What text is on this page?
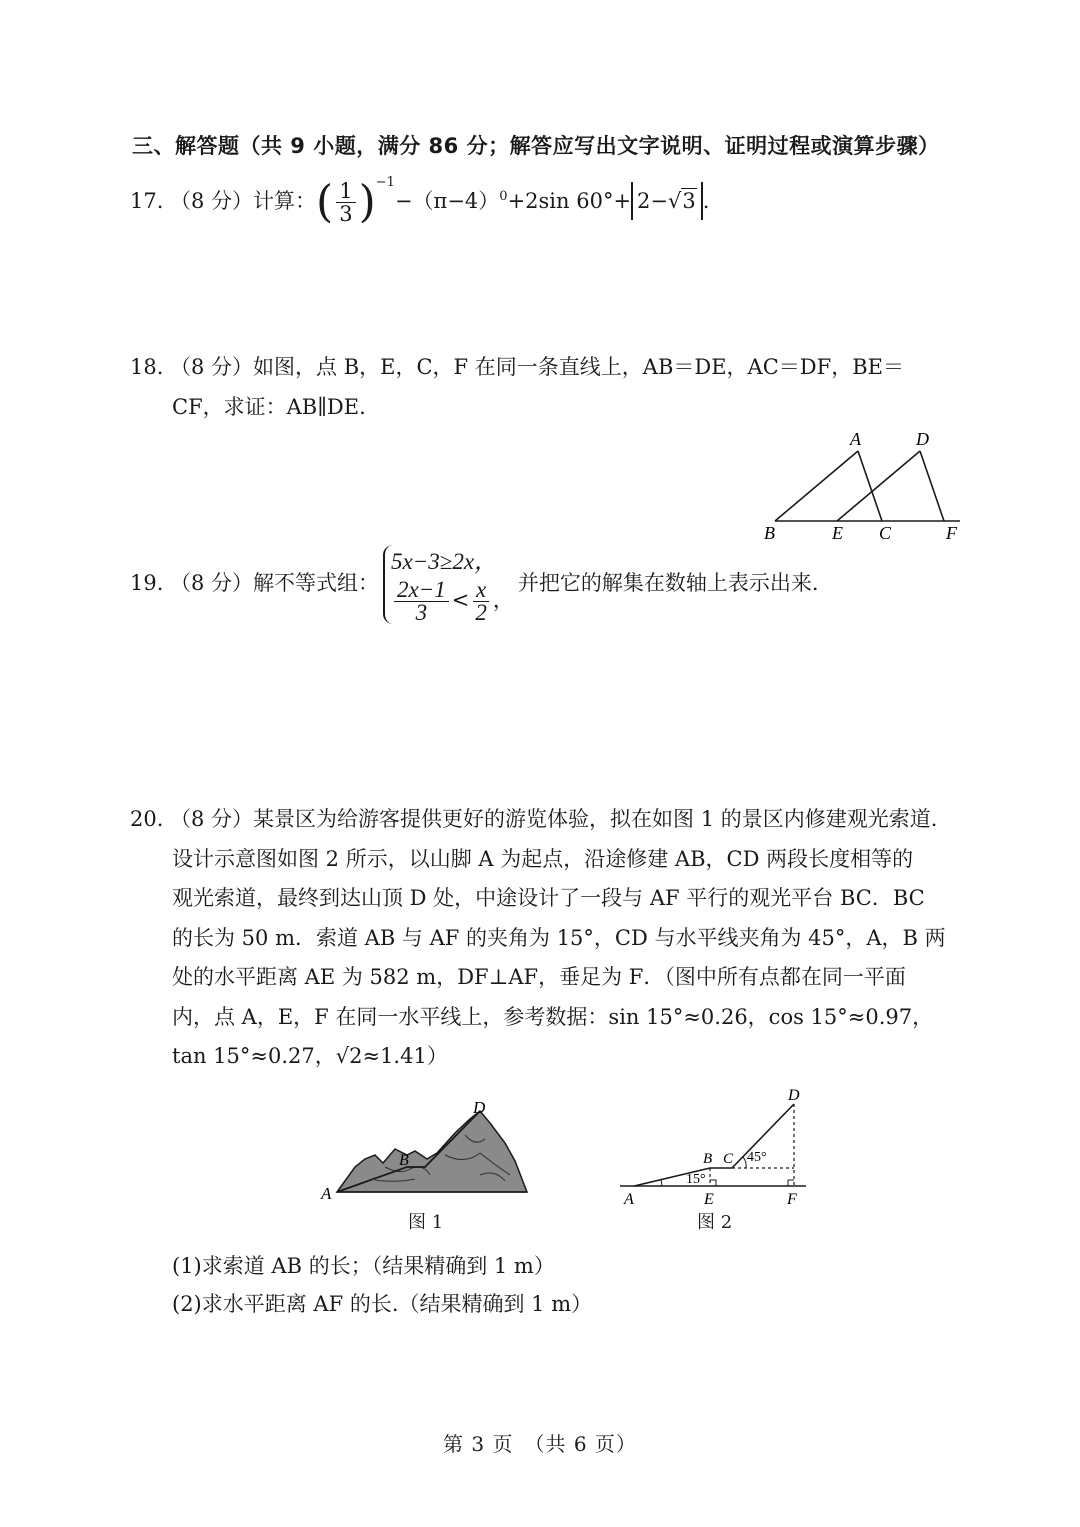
三、解答题（共 9 小题，满分 86 分；解答应写出文字说明、证明过程或演算步骤）
17. （8 分）计算：( $\frac{1}{3} )^{-1}-(\pi-4)^0+2\sin$ 60°+ 2−√3 .
18. （8 分）如图，点 B，E，C，F 在同一条直线上，AB＝DE，AC＝DF，BE＝
CF，求证：AB∥DE.
A	D
B	E C	F
19. （8 分）解不等式组：
5x−3≥2x，
$\frac{2x-1}{3} < \frac{x}{2}$ ，
并把它的解集在数轴上表示出来.
20. （8 分）某景区为给游客提供更好的游览体验，拟在如图 1 的景区内修建观光索道.
设计示意图如图 2 所示，以山脚 A 为起点，沿途修建 AB，CD 两段长度相等的
观光索道，最终到达山顶 D 处，中途设计了一段与 AF 平行的观光平台 BC．BC
的长为 50 m．索道 AB 与 AF 的夹角为 15°，CD 与水平线夹角为 45°，A，B 两
处的水平距离 AE 为 582 m，DF⊥AF，垂足为 F．（图中所有点都在同一平面
内，点 A，E，F 在同一水平线上，参考数据：sin 15°≈0.26，cos 15°≈0.97，
tan 15°≈0.27，√2≈1.41）
A
B
D
图 1
D
B C 45°
15°
A	E	F
图 2
(1)求索道 AB 的长；（结果精确到 1 m）
(2)求水平距离 AF 的长.（结果精确到 1 m）
第 3 页　（共 6 页）
